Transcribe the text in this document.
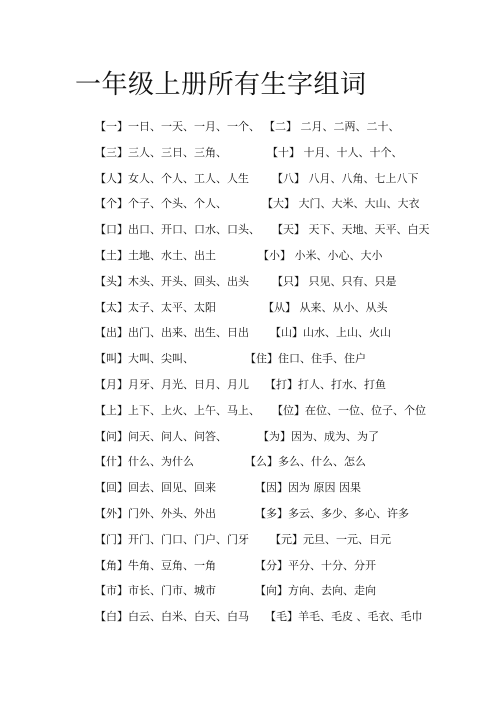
一年级上册所有生字组词
【一】一日、一天、一月、一个、 【二】 二月、二两、二十、
【三】三人、三日、三角、	【十】 十月、十人、十个、
【人】女人、个人、工人、人生 【八】 八月、八角、七上八下
【个】个子、个头、个人、	【大】 大门、大米、大山、大衣
【口】出口、开口、口水、口头、 【天】 天下、天地、天平、白天
【土】土地、水土、出土	【小】 小米、小心、大小
【头】木头、开头、回头、出头 【只】 只见、只有、只是
【太】太子、太平、太阳	【从】 从来、从小、从头
【出】出门、出来、出生、日出 【山】山水、上山、火山
【叫】大叫、尖叫、	【住】住口、住手、住户
【月】月牙、月光、日月、月儿 【打】打人、打水、打鱼
【上】上下、上火、上午、马上、 【位】在位、一位、位子、个位
【问】问天、问人、问答、	【为】因为、成为、为了
【什】什么、为什么	【么】多么、什么、怎么
【回】回去、回见、回来	【因】因为 原因 因果
【外】门外、外头、外出	【多】多云、多少、多心、许多
【门】开门、门口、门户、门牙 【元】元旦、一元、日元
【角】牛角、豆角、一角	【分】平分、十分、分开
【市】市长、门市、城市	【向】方向、去向、走向
【白】白云、白米、白天、白马 【毛】羊毛、毛皮 、毛衣、毛巾
